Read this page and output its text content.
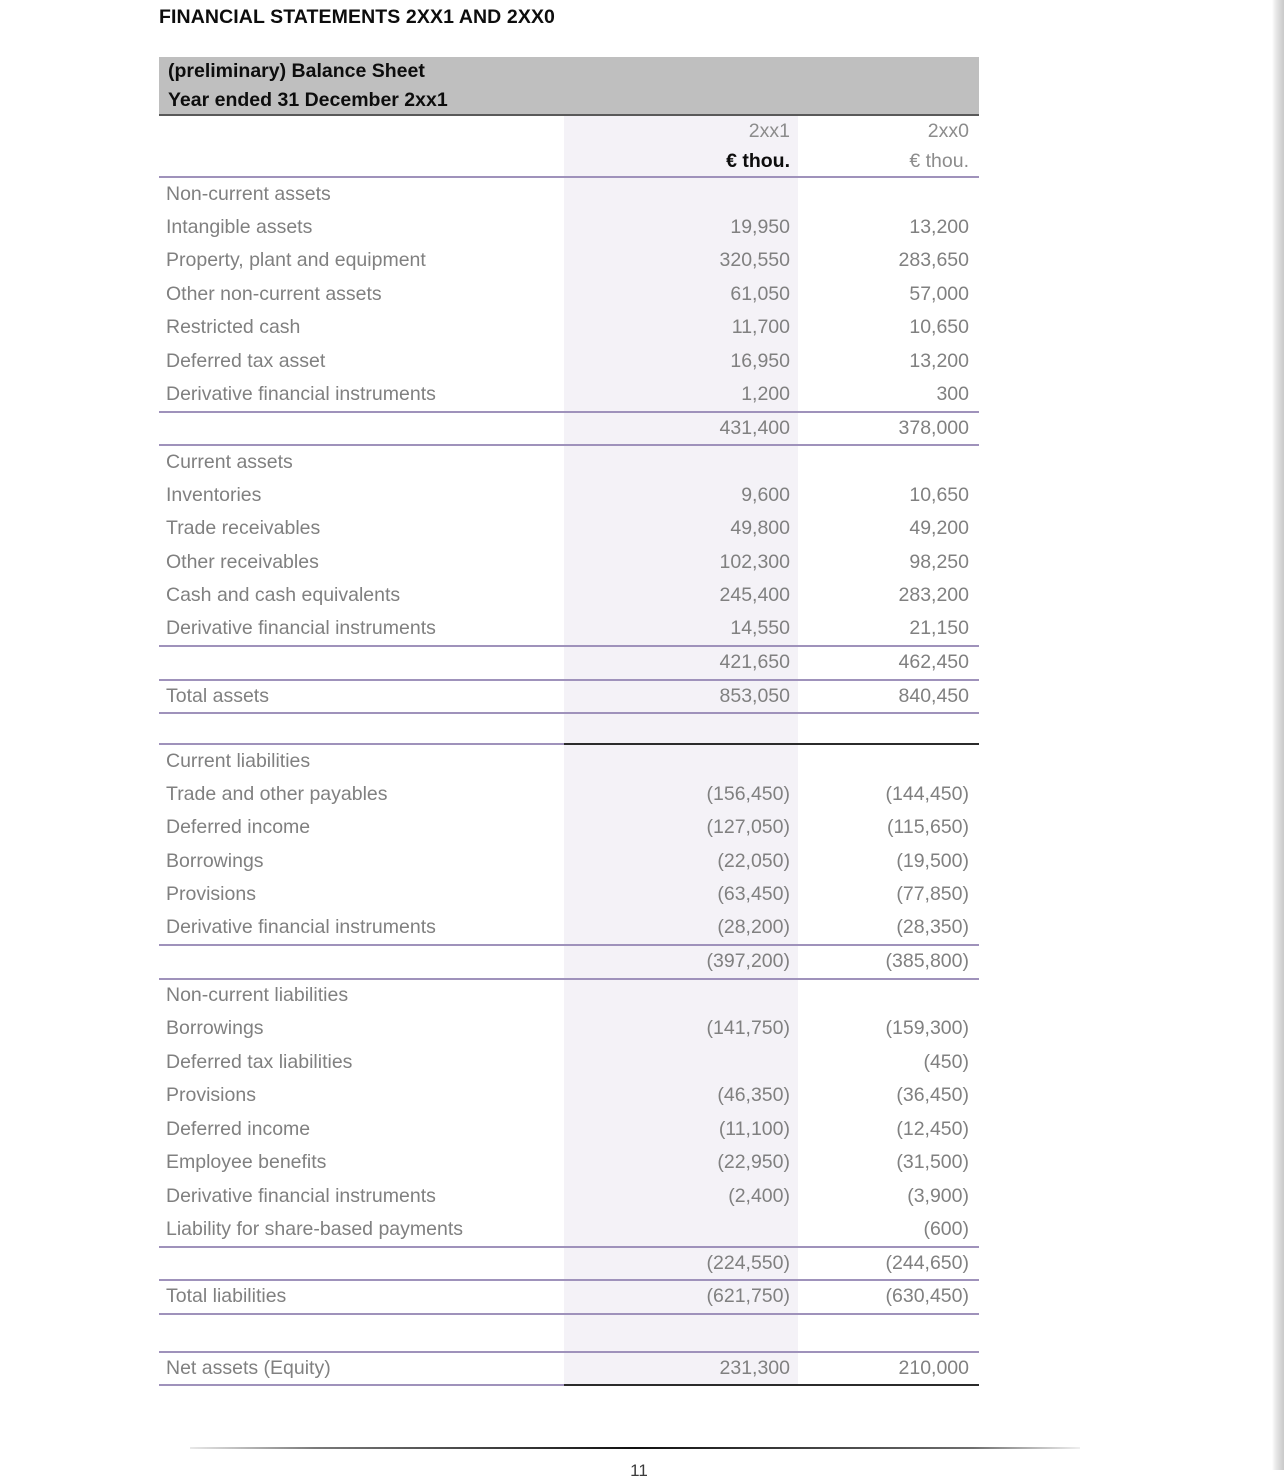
FINANCIAL STATEMENTS 2XX1 AND 2XX0
(preliminary) Balance Sheet		
Year ended 31 December 2xx1		
	2xx1	2xx0
	€ thou.	€ thou.
Non-current assets		
Intangible assets	19,950	13,200
Property, plant and equipment	320,550	283,650
Other non-current assets	61,050	57,000
Restricted cash	11,700	10,650
Deferred tax asset	16,950	13,200
Derivative financial instruments	1,200	300
	431,400	378,000
Current assets		
Inventories	9,600	10,650
Trade receivables	49,800	49,200
Other receivables	102,300	98,250
Cash and cash equivalents	245,400	283,200
Derivative financial instruments	14,550	21,150
	421,650	462,450
Total assets	853,050	840,450

Current liabilities		
Trade and other payables	(156,450)	(144,450)
Deferred income	(127,050)	(115,650)
Borrowings	(22,050)	(19,500)
Provisions	(63,450)	(77,850)
Derivative financial instruments	(28,200)	(28,350)
	(397,200)	(385,800)
Non-current liabilities		
Borrowings	(141,750)	(159,300)
Deferred tax liabilities		(450)
Provisions	(46,350)	(36,450)
Deferred income	(11,100)	(12,450)
Employee benefits	(22,950)	(31,500)
Derivative financial instruments	(2,400)	(3,900)
Liability for share-based payments		(600)
	(224,550)	(244,650)
Total liabilities	(621,750)	(630,450)

Net assets (Equity)	231,300	210,000
11
